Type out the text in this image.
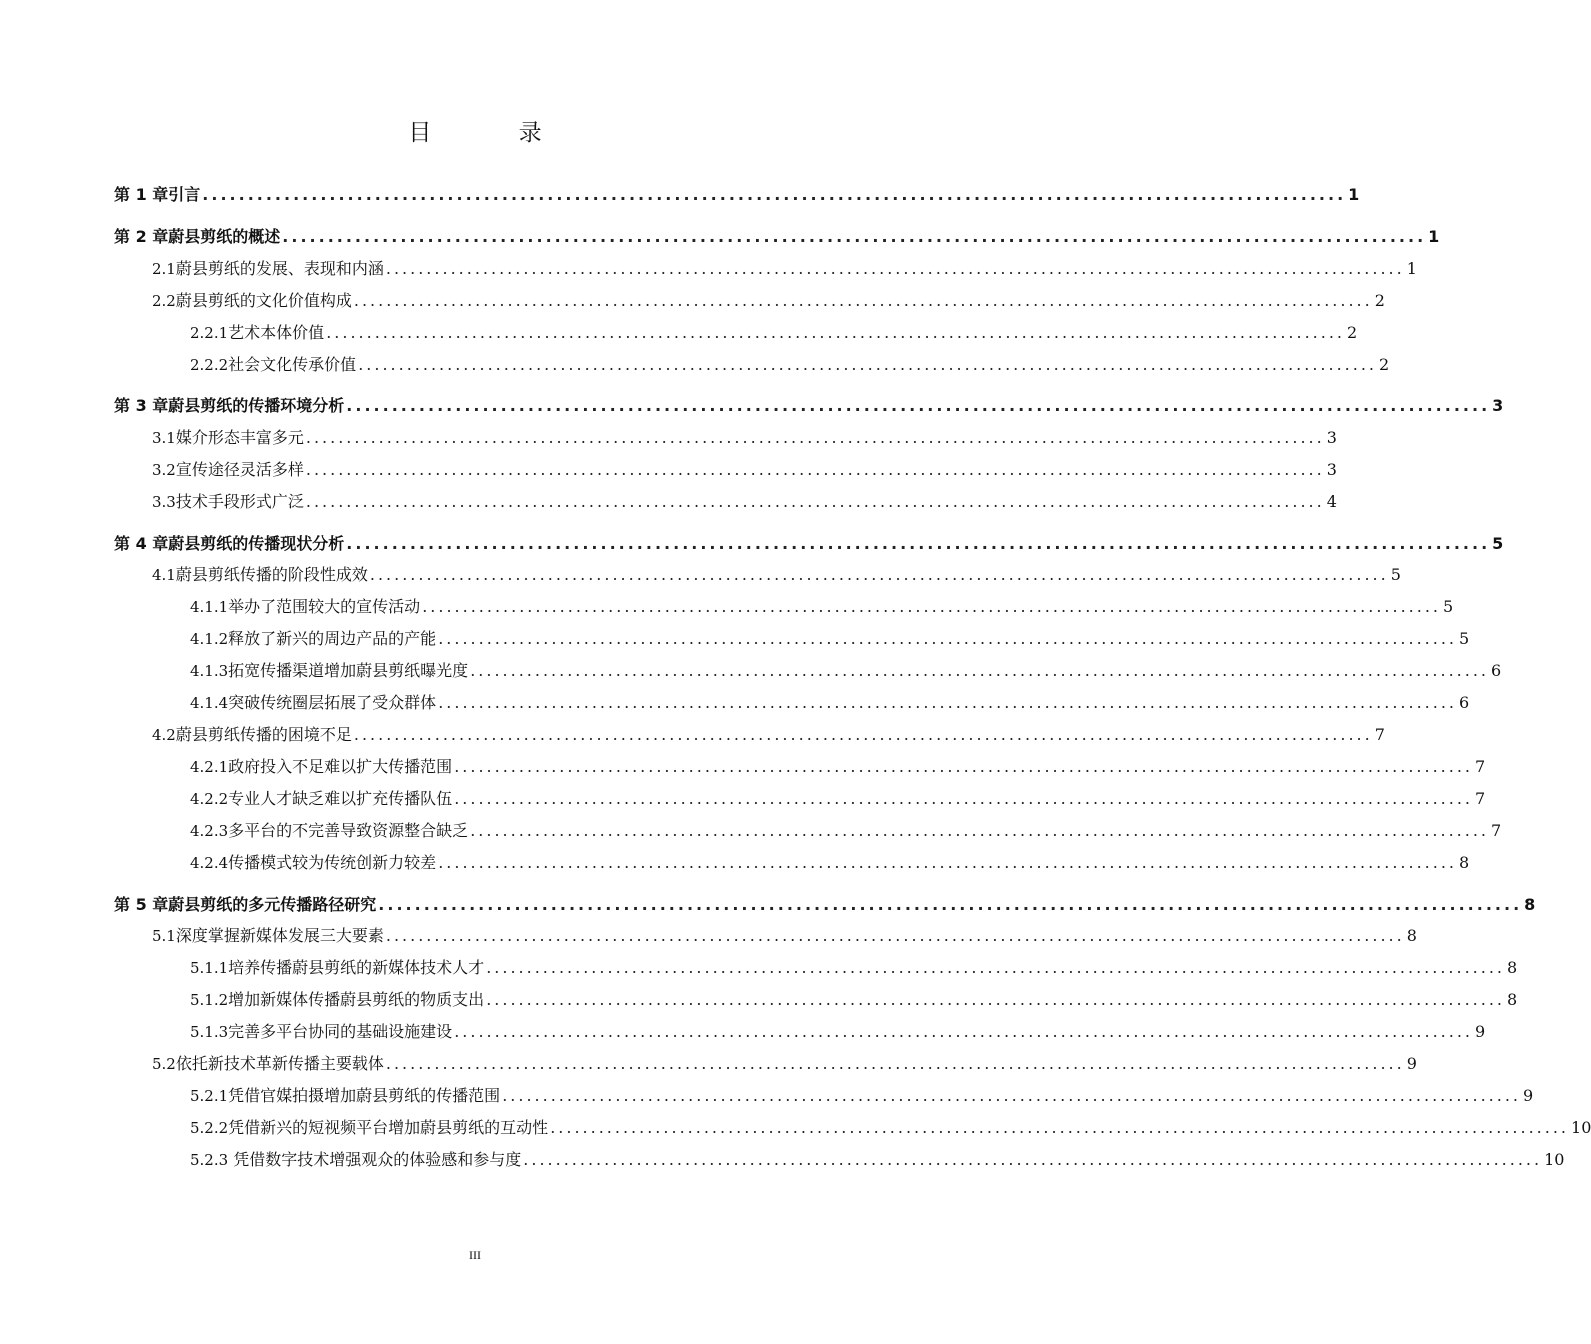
目 录
第 1 章 引言 .............................................................................................................................. 1
第 2 章 蔚县剪纸的概述 .............................................................................................................................. 1
2.1 蔚县剪纸的发展、表现和内涵 .............................................................................................................................. 1
2.2 蔚县剪纸的文化价值构成 .............................................................................................................................. 2
2.2.1 艺术本体价值 .............................................................................................................................. 2
2.2.2 社会文化传承价值 .............................................................................................................................. 2
第 3 章 蔚县剪纸的传播环境分析 .............................................................................................................................. 3
3.1 媒介形态丰富多元 .............................................................................................................................. 3
3.2 宣传途径灵活多样 .............................................................................................................................. 3
3.3 技术手段形式广泛 .............................................................................................................................. 4
第 4 章 蔚县剪纸的传播现状分析 .............................................................................................................................. 5
4.1 蔚县剪纸传播的阶段性成效 .............................................................................................................................. 5
4.1.1 举办了范围较大的宣传活动 .............................................................................................................................. 5
4.1.2 释放了新兴的周边产品的产能 .............................................................................................................................. 5
4.1.3 拓宽传播渠道增加蔚县剪纸曝光度 .............................................................................................................................. 6
4.1.4 突破传统圈层拓展了受众群体 .............................................................................................................................. 6
4.2 蔚县剪纸传播的困境不足 .............................................................................................................................. 7
4.2.1 政府投入不足难以扩大传播范围 .............................................................................................................................. 7
4.2.2 专业人才缺乏难以扩充传播队伍 .............................................................................................................................. 7
4.2.3 多平台的不完善导致资源整合缺乏 .............................................................................................................................. 7
4.2.4 传播模式较为传统创新力较差 .............................................................................................................................. 8
第 5 章 蔚县剪纸的多元传播路径研究 .............................................................................................................................. 8
5.1 深度掌握新媒体发展三大要素 .............................................................................................................................. 8
5.1.1 培养传播蔚县剪纸的新媒体技术人才 .............................................................................................................................. 8
5.1.2 增加新媒体传播蔚县剪纸的物质支出 .............................................................................................................................. 8
5.1.3 完善多平台协同的基础设施建设 .............................................................................................................................. 9
5.2 依托新技术革新传播主要载体 .............................................................................................................................. 9
5.2.1 凭借官媒拍摄增加蔚县剪纸的传播范围 .............................................................................................................................. 9
5.2.2 凭借新兴的短视频平台增加蔚县剪纸的互动性 .............................................................................................................................. 10
5.2.3 凭借数字技术增强观众的体验感和参与度 .............................................................................................................................. 10
III
